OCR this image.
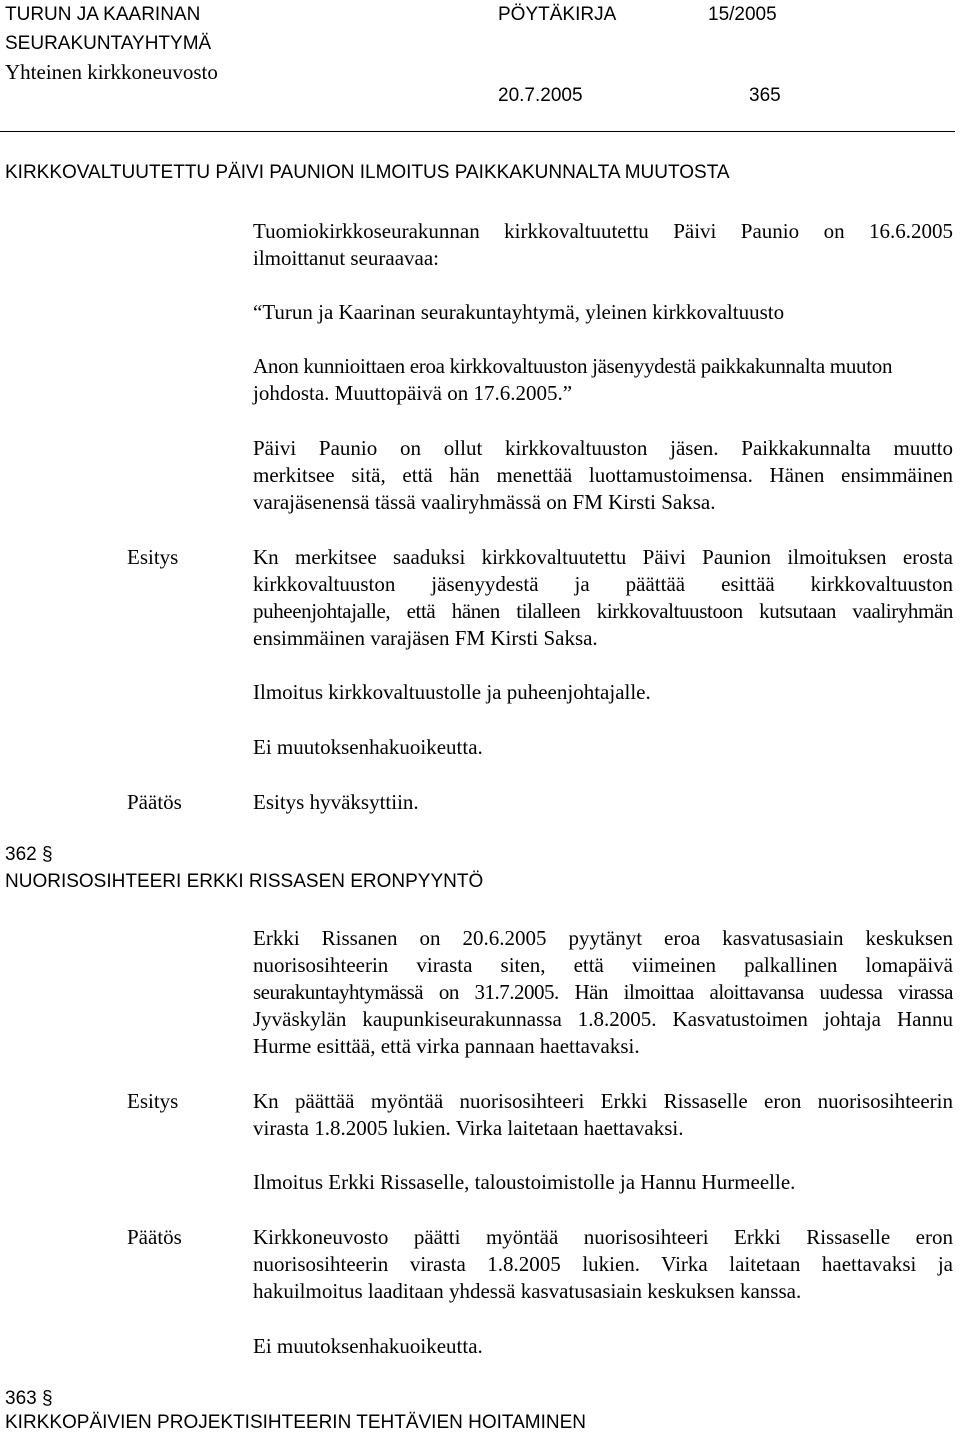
TURUN JA KAARINAN
SEURAKUNTAYHTYMÄ
Yhteinen kirkkoneuvosto
PÖYTÄKIRJA	15/2005
20.7.2005	365
KIRKKOVALTUUTETTU PÄIVI PAUNION ILMOITUS PAIKKAKUNNALTA MUUTOSTA
Tuomiokirkkoseurakunnan kirkkovaltuutettu Päivi Paunio on 16.6.2005
ilmoittanut seuraavaa:
“Turun ja Kaarinan seurakuntayhtymä, yleinen kirkkovaltuusto
Anon kunnioittaen eroa kirkkovaltuuston jäsenyydestä paikkakunnalta muuton
johdosta. Muuttopäivä on 17.6.2005.”
Päivi Paunio on ollut kirkkovaltuuston jäsen. Paikkakunnalta muutto
merkitsee sitä, että hän menettää luottamustoimensa. Hänen ensimmäinen
varajäsenensä tässä vaaliryhmässä on FM Kirsti Saksa.
Esitys	Kn merkitsee saaduksi kirkkovaltuutettu Päivi Paunion ilmoituksen erosta
kirkkovaltuuston jäsenyydestä ja päättää esittää kirkkovaltuuston
puheenjohtajalle, että hänen tilalleen kirkkovaltuustoon kutsutaan vaaliryhmän
ensimmäinen varajäsen FM Kirsti Saksa.
Ilmoitus kirkkovaltuustolle ja puheenjohtajalle.
Ei muutoksenhakuoikeutta.
Päätös	Esitys hyväksyttiin.
362 §
NUORISOSIHTEERI ERKKI RISSASEN ERONPYYNTÖ
Erkki Rissanen on 20.6.2005 pyytänyt eroa kasvatusasiain keskuksen
nuorisosihteerin virasta siten, että viimeinen palkallinen lomapäivä
seurakuntayhtymässä on 31.7.2005. Hän ilmoittaa aloittavansa uudessa virassa
Jyväskylän kaupunkiseurakunnassa 1.8.2005. Kasvatustoimen johtaja Hannu
Hurme esittää, että virka pannaan haettavaksi.
Esitys	Kn päättää myöntää nuorisosihteeri Erkki Rissaselle eron nuorisosihteerin
virasta 1.8.2005 lukien. Virka laitetaan haettavaksi.
Ilmoitus Erkki Rissaselle, taloustoimistolle ja Hannu Hurmeelle.
Päätös	Kirkkoneuvosto päätti myöntää nuorisosihteeri Erkki Rissaselle eron
nuorisosihteerin virasta 1.8.2005 lukien. Virka laitetaan haettavaksi ja
hakuilmoitus laaditaan yhdessä kasvatusasiain keskuksen kanssa.
Ei muutoksenhakuoikeutta.
363 §
KIRKKOPÄIVIEN PROJEKTISIHTEERIN TEHTÄVIEN HOITAMINEN
